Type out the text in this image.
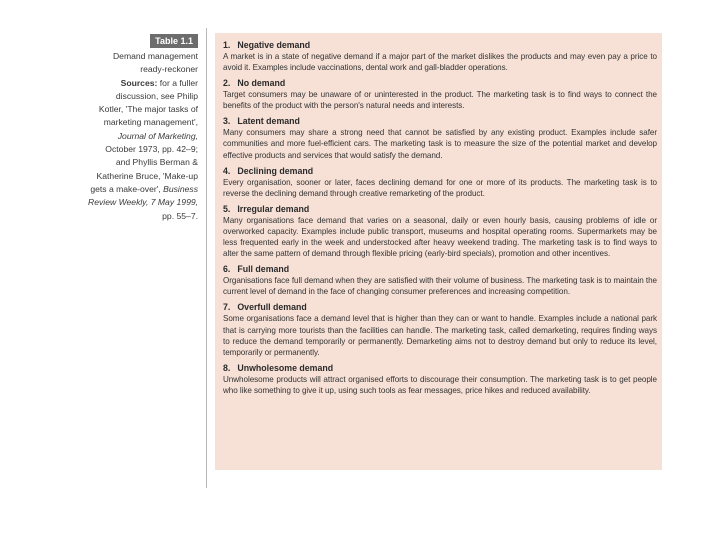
Table 1.1
Demand management
ready-reckoner
Sources: for a fuller
discussion, see Philip
Kotler, 'The major tasks of
marketing management',
Journal of Marketing,
October 1973, pp. 42–9;
and Phyllis Berman &
Katherine Bruce, 'Make-up
gets a make-over', Business
Review Weekly, 7 May 1999,
pp. 55–7.
1. Negative demand
A market is in a state of negative demand if a major part of the market dislikes the products and may even pay a price to avoid it. Examples include vaccinations, dental work and gall-bladder operations.
2. No demand
Target consumers may be unaware of or uninterested in the product. The marketing task is to find ways to connect the benefits of the product with the person's natural needs and interests.
3. Latent demand
Many consumers may share a strong need that cannot be satisfied by any existing product. Examples include safer communities and more fuel-efficient cars. The marketing task is to measure the size of the potential market and develop effective products and services that would satisfy the demand.
4. Declining demand
Every organisation, sooner or later, faces declining demand for one or more of its products. The marketing task is to reverse the declining demand through creative remarketing of the product.
5. Irregular demand
Many organisations face demand that varies on a seasonal, daily or even hourly basis, causing problems of idle or overworked capacity. Examples include public transport, museums and hospital operating rooms. Supermarkets may be less frequented early in the week and understocked after heavy weekend trading. The marketing task is to find ways to alter the same pattern of demand through flexible pricing (early-bird specials), promotion and other incentives.
6. Full demand
Organisations face full demand when they are satisfied with their volume of business. The marketing task is to maintain the current level of demand in the face of changing consumer preferences and increasing competition.
7. Overfull demand
Some organisations face a demand level that is higher than they can or want to handle. Examples include a national park that is carrying more tourists than the facilities can handle. The marketing task, called demarketing, requires finding ways to reduce the demand temporarily or permanently. Demarketing aims not to destroy demand but only to reduce its level, temporarily or permanently.
8. Unwholesome demand
Unwholesome products will attract organised efforts to discourage their consumption. The marketing task is to get people who like something to give it up, using such tools as fear messages, price hikes and reduced availability.
